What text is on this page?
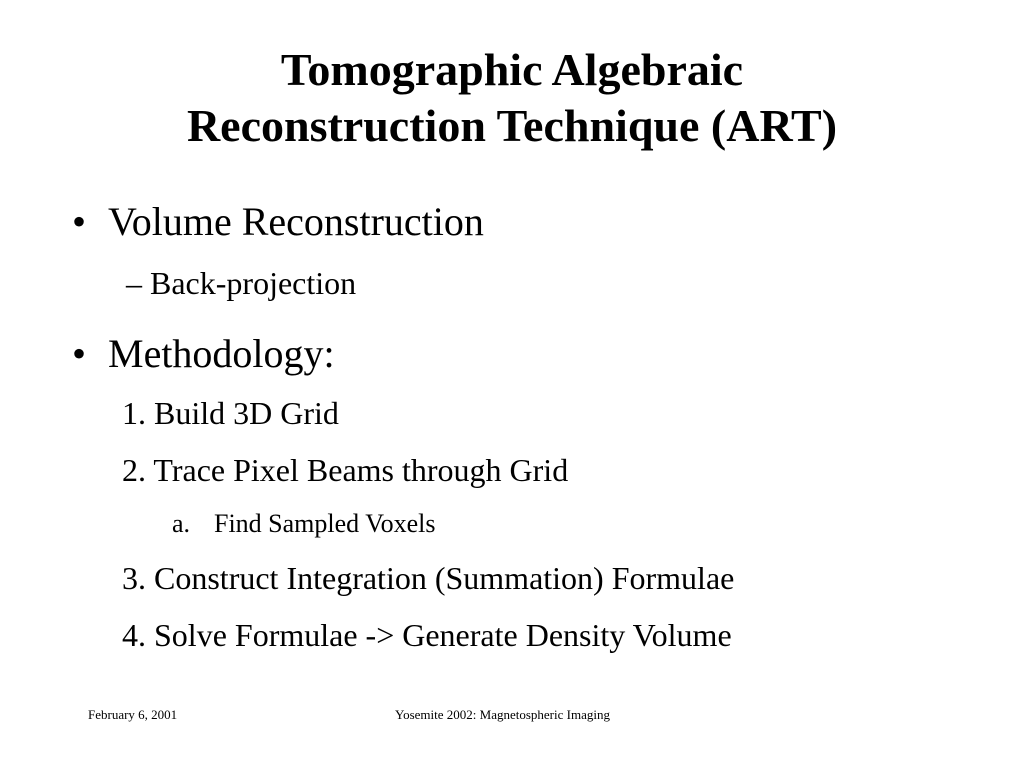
Tomographic Algebraic
Reconstruction Technique (ART)
• Volume Reconstruction
– Back-projection
• Methodology:
1. Build 3D Grid
2. Trace Pixel Beams through Grid
a. Find Sampled Voxels
3. Construct Integration (Summation) Formulae
4. Solve Formulae -> Generate Density Volume
February 6, 2001	Yosemite 2002: Magnetospheric Imaging
